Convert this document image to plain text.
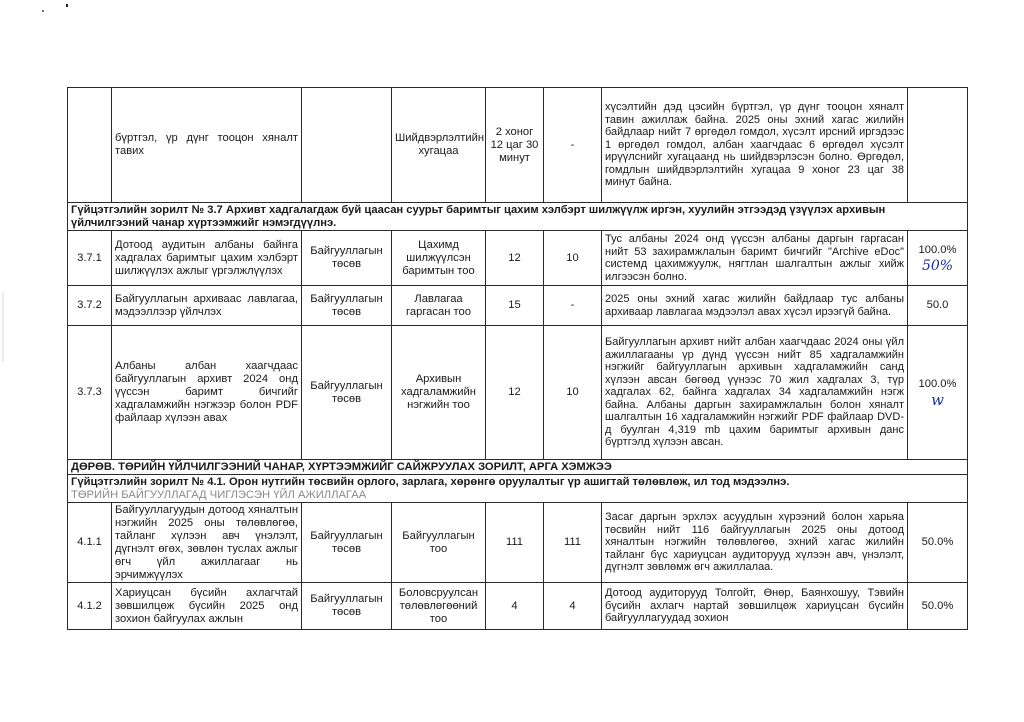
	бүртгэл, үр дүнг тооцон хяналт тавих		Шийдвэрлэлтийн хугацаа	2 хоног 12 цаг 30 минут	-	хүсэлтийн дэд цэсийн бүртгэл, үр дүнг тооцон хяналт тавин ажиллаж байна. 2025 оны эхний хагас жилийн байдлаар нийт 7 өргөдөл гомдол, хүсэлт ирсний иргэдээс 1 өргөдөл гомдол, албан хаагчдаас 6 өргөдөл хүсэлт ирүүлснийг хугацаанд нь шийдвэрлэсэн болно. Өргөдөл, гомдлын шийдвэрлэлтийн хугацаа 9 хоног 23 цаг 38 минут байна.	
Гүйцэтгэлийн зорилт № 3.7 Архивт хадгалагдаж буй цаасан суурьт баримтыг цахим хэлбэрт шилжүүлж иргэн, хуулийн этгээдэд үзүүлэх архивын үйлчилгээний чанар хүртээмжийг нэмэгдүүлнэ.							
3.7.1	Дотоод аудитын албаны байнга хадгалах баримтыг цахим хэлбэрт шилжүүлэх ажлыг үргэлжлүүлэх	Байгууллагын төсөв	Цахимд шилжүүлсэн баримтын тоо	12	10	Тус албаны 2024 онд үүссэн албаны даргын гаргасан нийт 53 захирамжлалын баримт бичгийг "Archive eDoc" системд цахимжуулж, нягтлан шалгалтын ажлыг хийж илгээсэн болно.	100.0%
50%

3.7.2	Байгууллагын архиваас лавлагаа, мэдээллээр үйлчлэх	Байгууллагын төсөв	Лавлагаа гаргасан тоо	15	-	2025 оны эхний хагас жилийн байдлаар тус албаны архиваар лавлагаа мэдээлэл авах хүсэл ирээгүй байна.	50.0
3.7.3	Албаны албан хаагчдаас байгууллагын архивт 2024 онд үүссэн баримт бичгийг хадгаламжийн нэгжээр болон PDF файлаар хүлээн авах	Байгууллагын төсөв	Архивын хадгаламжийн нэгжийн тоо	12	10	Байгууллагын архивт нийт албан хаагчдаас 2024 оны үйл ажиллагааны үр дүнд үүссэн нийт 85 хадгаламжийн нэгжийг байгууллагын архивын хадгаламжийн санд хүлээн авсан бөгөөд үүнээс 70 жил хадгалах 3, түр хадгалах 62, байнга хадгалах 34 хадгаламжийн нэгж байна. Албаны даргын захирамжлалын болон хяналт шалгалтын 16 хадгаламжийн нэгжийг PDF файлаар DVD-д буулган 4,319 mb цахим баримтыг архивын данс бүртгэлд хүлээн авсан.	100.0%
w

ДӨРӨВ. ТӨРИЙН ҮЙЛЧИЛГЭЭНИЙ ЧАНАР, ХҮРТЭЭМЖИЙГ САЙЖРУУЛАХ ЗОРИЛТ, АРГА ХЭМЖЭЭ							
Гүйцэтгэлийн зорилт № 4.1. Орон нутгийн төсвийн орлого, зарлага, хөрөнгө оруулалтыг үр ашигтай төлөвлөж, ил тод мэдээлнэ.
ТӨРИЙН БАЙГУУЛЛАГАД ЧИГЛЭСЭН ҮЙЛ АЖИЛЛАГАА							

4.1.1	Байгууллагуудын дотоод хяналтын нэгжийн 2025 оны төлөвлөгөө, тайланг хүлээн авч үнэлэлт, дүгнэлт өгөх, зөвлөн туслах ажлыг өгч үйл ажиллагааг нь эрчимжүүлэх	Байгууллагын төсөв	Байгууллагын тоо	111	111	Засаг даргын эрхлэх асуудлын хүрээний болон харьяа төсвийн нийт 116 байгууллагын 2025 оны дотоод хяналтын нэгжийн төлөвлөгөө, эхний хагас жилийн тайланг бүс хариуцсан аудиторууд хүлээн авч, үнэлэлт, дүгнэлт зөвлөмж өгч ажиллалаа.	50.0%
4.1.2	Хариуцсан бүсийн ахлагчтай зөвшилцөж бүсийн 2025 онд зохион байгуулах ажлын	Байгууллагын төсөв	Боловсруулсан төлөвлөгөөний тоо	4	4	Дотоод аудиторууд Толгойт, Өнөр, Баянхошуу, Тэвийн бүсийн ахлагч нартай зөвшилцөж хариуцсан бүсийн байгууллагуудад зохион	50.0%
